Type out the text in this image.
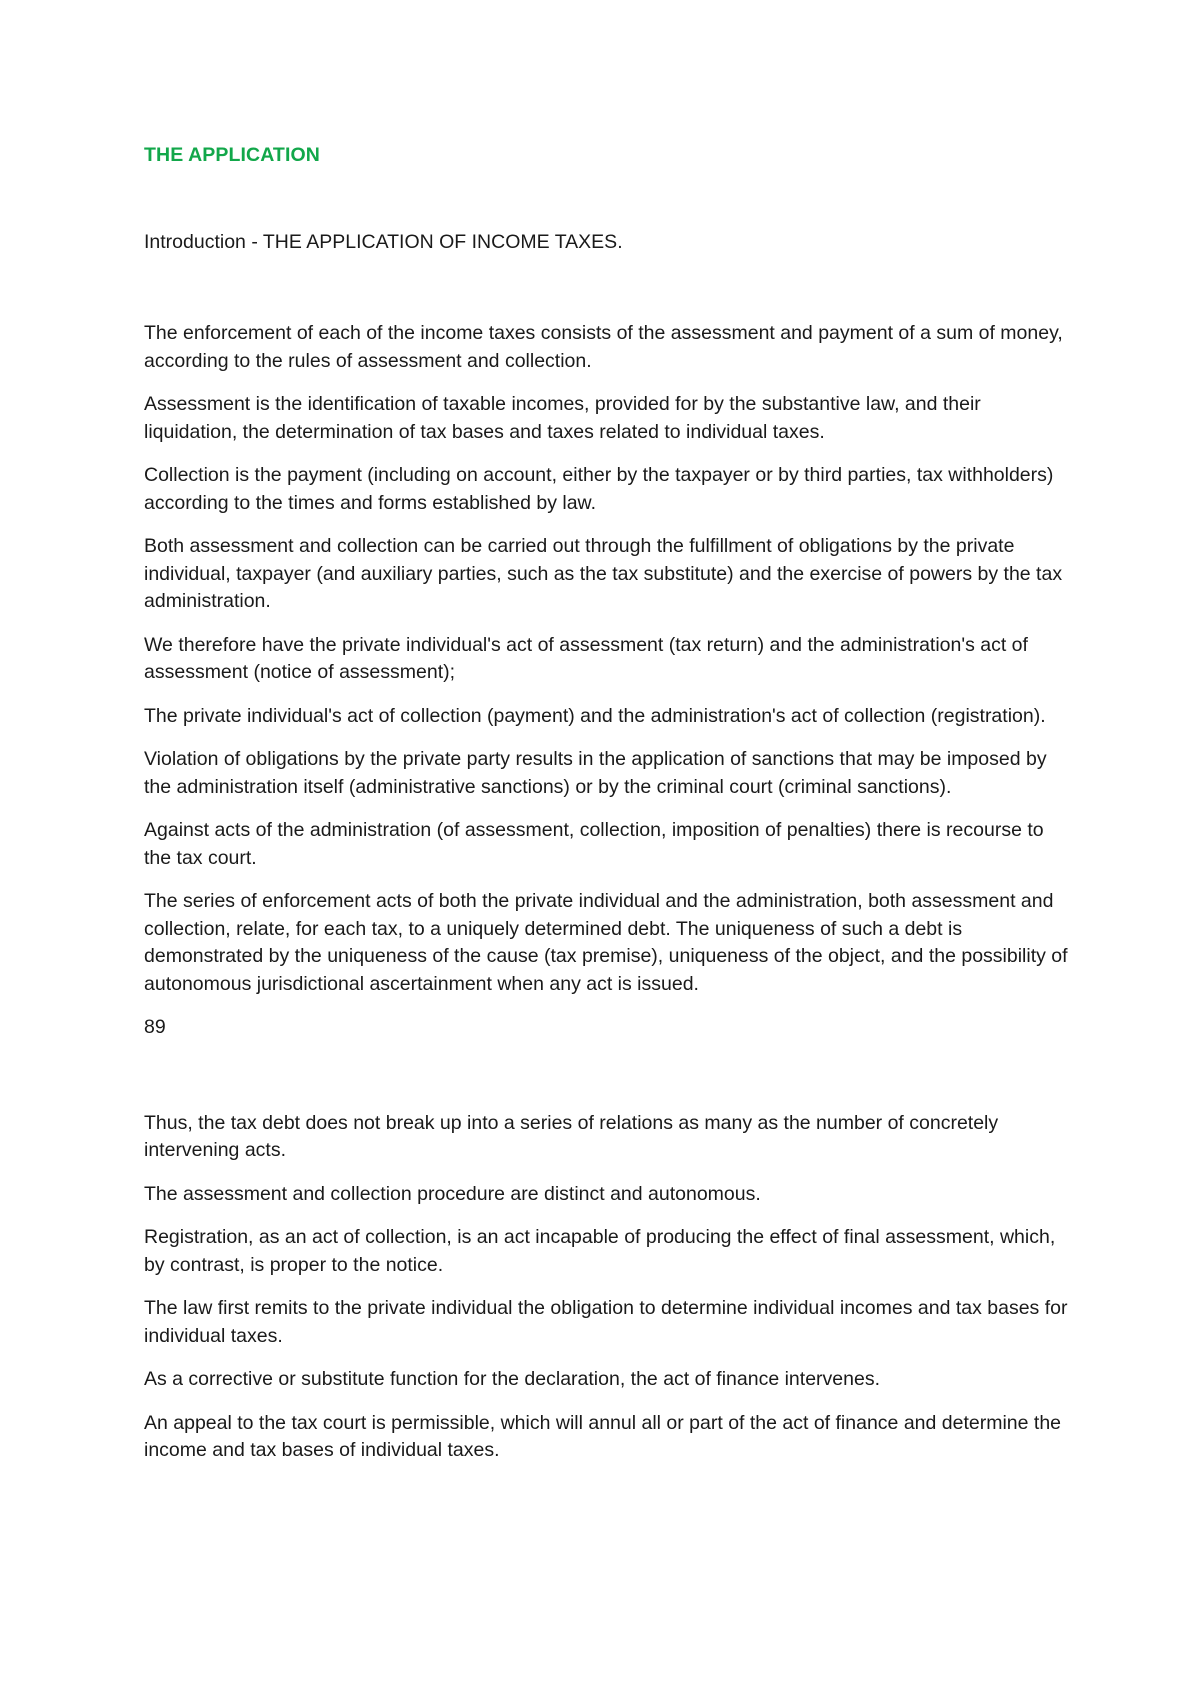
THE APPLICATION

Introduction - THE APPLICATION OF INCOME TAXES.

The enforcement of each of the income taxes consists of the assessment and payment of a sum of money, according to the rules of assessment and collection.

Assessment is the identification of taxable incomes, provided for by the substantive law, and their liquidation, the determination of tax bases and taxes related to individual taxes.

Collection is the payment (including on account, either by the taxpayer or by third parties, tax withholders) according to the times and forms established by law.

Both assessment and collection can be carried out through the fulfillment of obligations by the private individual, taxpayer (and auxiliary parties, such as the tax substitute) and the exercise of powers by the tax administration.

We therefore have the private individual's act of assessment (tax return) and the administration's act of assessment (notice of assessment);

The private individual's act of collection (payment) and the administration's act of collection (registration).

Violation of obligations by the private party results in the application of sanctions that may be imposed by the administration itself (administrative sanctions) or by the criminal court (criminal sanctions).

Against acts of the administration (of assessment, collection, imposition of penalties) there is recourse to the tax court.

The series of enforcement acts of both the private individual and the administration, both assessment and collection, relate, for each tax, to a uniquely determined debt. The uniqueness of such a debt is demonstrated by the uniqueness of the cause (tax premise), uniqueness of the object, and the possibility of autonomous jurisdictional ascertainment when any act is issued.

89

Thus, the tax debt does not break up into a series of relations as many as the number of concretely intervening acts.

The assessment and collection procedure are distinct and autonomous.

Registration, as an act of collection, is an act incapable of producing the effect of final assessment, which, by contrast, is proper to the notice.

The law first remits to the private individual the obligation to determine individual incomes and tax bases for individual taxes.

As a corrective or substitute function for the declaration, the act of finance intervenes.

An appeal to the tax court is permissible, which will annul all or part of the act of finance and determine the income and tax bases of individual taxes.
